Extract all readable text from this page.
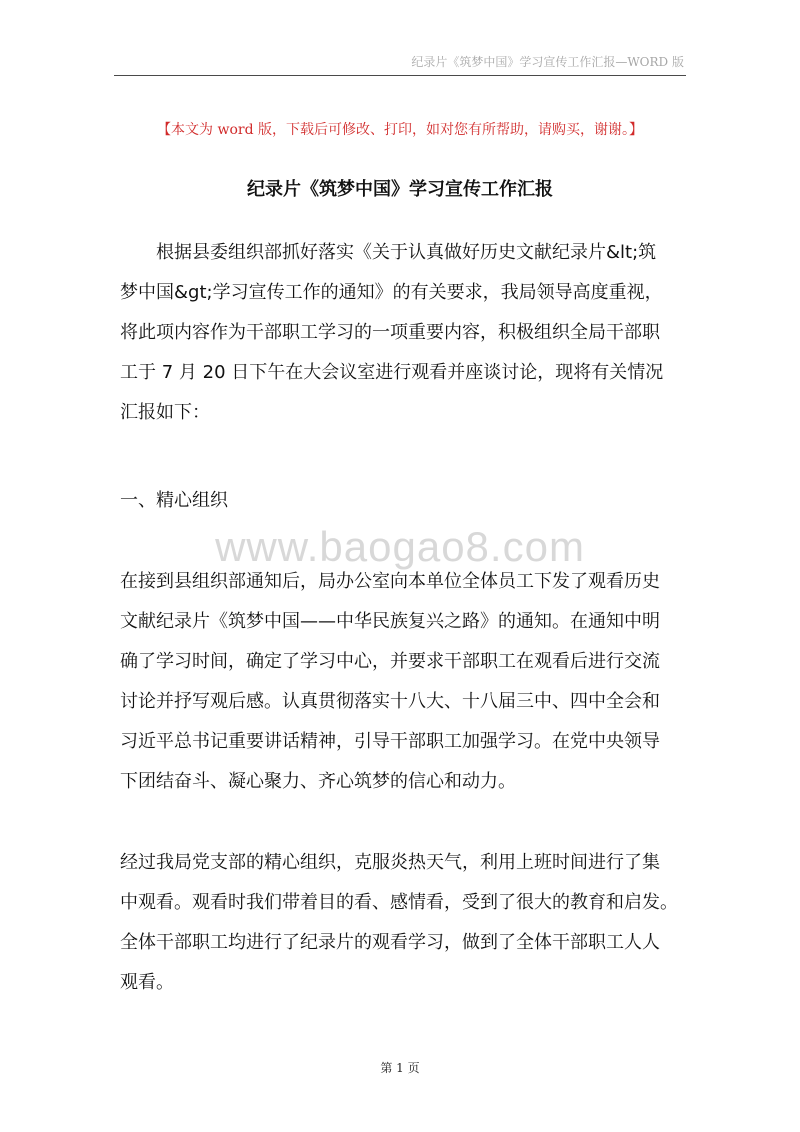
纪录片《筑梦中国》学习宣传工作汇报—WORD 版
【本文为 word 版，下载后可修改、打印，如对您有所帮助，请购买，谢谢。】
纪录片《筑梦中国》学习宣传工作汇报
　　根据县委组织部抓好落实《关于认真做好历史文献纪录片&lt;筑
梦中国&gt;学习宣传工作的通知》的有关要求，我局领导高度重视，
将此项内容作为干部职工学习的一项重要内容，积极组织全局干部职
工于 7 月 20 日下午在大会议室进行观看并座谈讨论，现将有关情况
汇报如下：
一、精心组织
www.baogao8.com
在接到县组织部通知后，局办公室向本单位全体员工下发了观看历史
文献纪录片《筑梦中国——中华民族复兴之路》的通知。在通知中明
确了学习时间，确定了学习中心，并要求干部职工在观看后进行交流
讨论并抒写观后感。认真贯彻落实十八大、十八届三中、四中全会和
习近平总书记重要讲话精神，引导干部职工加强学习。在党中央领导
下团结奋斗、凝心聚力、齐心筑梦的信心和动力。
经过我局党支部的精心组织，克服炎热天气，利用上班时间进行了集
中观看。观看时我们带着目的看、感情看，受到了很大的教育和启发。
全体干部职工均进行了纪录片的观看学习，做到了全体干部职工人人
观看。
第 1 页
